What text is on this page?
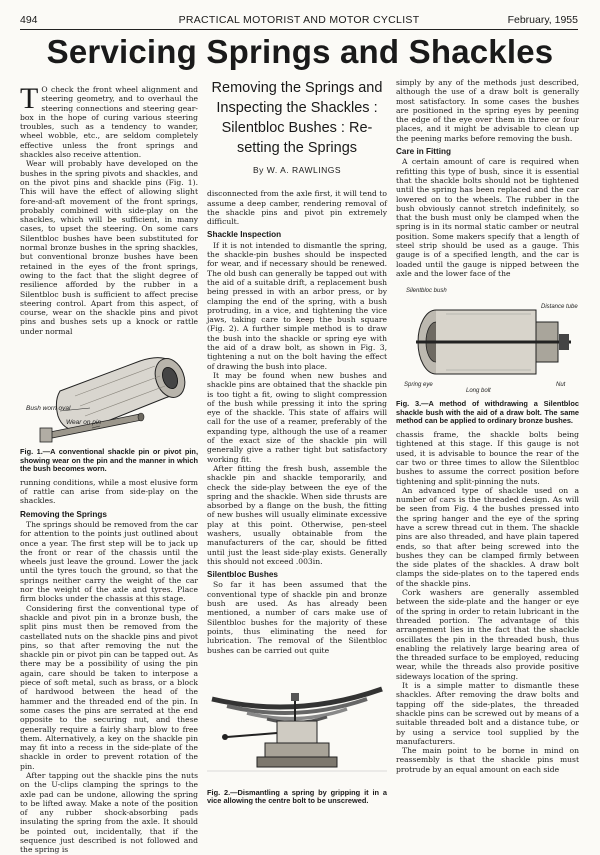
494	PRACTICAL MOTORIST AND MOTOR CYCLIST	February, 1955
Servicing Springs and Shackles

T O check the front wheel alignment and steering geometry, and to overhaul the steering connections and steering gear-box in the hope of curing various steering troubles, such as a tendency to wander, wheel wobble, etc., are seldom completely effective unless the front springs and shackles also receive attention.

Wear will probably have developed on the bushes in the spring pivots and shackles, and on the pivot pins and shackle pins (Fig. 1). This will have the effect of allowing slight fore-and-aft movement of the front springs, probably combined with side-play on the shackles, which will be sufficient, in many cases, to upset the steering. On some cars Silentbloc bushes have been substituted for normal bronze bushes in the spring shackles, but conventional bronze bushes have been retained in the eyes of the front springs, owing to the fact that the slight degree of resilience afforded by the rubber in a Silentbloc bush is sufficient to affect precise steering control. Apart from this aspect, of course, wear on the shackle pins and pivot pins and bushes sets up a knock or rattle under normal

Bush worn oval
Wear on pin
Fig. 1.—A conventional shackle pin or pivot pin, showing wear on the pin and the manner in which the bush becomes worn.

running conditions, while a most elusive form of rattle can arise from side-play on the shackles.

Removing the Springs

The springs should be removed from the car for attention to the points just outlined about once a year. The first step will be to jack up the front or rear of the chassis until the wheels just leave the ground. Lower the jack until the tyres touch the ground, so that the springs neither carry the weight of the car nor the weight of the axle and tyres. Place firm blocks under the chassis at this stage.

Considering first the conventional type of shackle and pivot pin in a bronze bush, the split pins must then be removed from the castellated nuts on the shackle pins and pivot pins, so that after removing the nut the shackle pin or pivot pin can be tapped out. As there may be a possibility of using the pin again, care should be taken to interpose a piece of soft metal, such as brass, or a block of hardwood between the head of the hammer and the threaded end of the pin. In some cases the pins are serrated at the end opposite to the securing nut, and these generally require a fairly sharp blow to free them. Alternatively, a key on the shackle pin may fit into a recess in the side-plate of the shackle in order to prevent rotation of the pin.

After tapping out the shackle pins the nuts on the U-clips clamping the springs to the axle pad can be undone, allowing the spring to be lifted away. Make a note of the position of any rubber shock-absorbing pads insulating the spring from the axle. It should be pointed out, incidentally, that if the sequence just described is not followed and the spring is

Removing the Springs and
Inspecting the Shackles :
Silentbloc Bushes : Re-
setting the Springs
By W. A. RAWLINGS

disconnected from the axle first, it will tend to assume a deep camber, rendering removal of the shackle pins and pivot pin extremely difficult.

Shackle Inspection

If it is not intended to dismantle the spring, the shackle-pin bushes should be inspected for wear, and if necessary should be renewed. The old bush can generally be tapped out with the aid of a suitable drift, a replacement bush being pressed in with an arbor press, or by clamping the end of the spring, with a bush protruding, in a vice, and tightening the vice jaws, taking care to keep the bush square (Fig. 2). A further simple method is to draw the bush into the shackle or spring eye with the aid of a draw bolt, as shown in Fig. 3, tightening a nut on the bolt having the effect of drawing the bush into place.

It may be found when new bushes and shackle pins are obtained that the shackle pin is too tight a fit, owing to slight compression of the bush while pressing it into the spring eye of the shackle. This state of affairs will call for the use of a reamer, preferably of the expanding type, although the use of a reamer of the exact size of the shackle pin will generally give a rather tight but satisfactory working fit.

After fitting the fresh bush, assemble the shackle pin and shackle temporarily, and check the side-play between the eye of the spring and the shackle. When side thrusts are absorbed by a flange on the bush, the fitting of new bushes will usually eliminate excessive play at this point. Otherwise, pen-steel washers, usually obtainable from the manufacturers of the car, should be fitted until just the least side-play exists. Generally this should not exceed .003in.

Silentbloc Bushes

So far it has been assumed that the conventional type of shackle pin and bronze bush are used. As has already been mentioned, a number of cars make use of Silentbloc bushes for the majority of these points, thus eliminating the need for lubrication. The removal of the Silentbloc bushes can be carried out quite

Fig. 2.—Dismantling a spring by gripping it in a vice allowing the centre bolt to be unscrewed.

simply by any of the methods just described, although the use of a draw bolt is generally most satisfactory. In some cases the bushes are positioned in the spring eyes by peening the edge of the eye over them in three or four places, and it might be advisable to clean up the peening marks before removing the bush.

Care in Fitting

A certain amount of care is required when refitting this type of bush, since it is essential that the shackle bolts should not be tightened until the spring has been replaced and the car lowered on to the wheels. The rubber in the bush obviously cannot stretch indefinitely, so that the bush must only be clamped when the spring is in its normal static camber or neutral position. Some makers specify that a length of steel strip should be used as a gauge. This gauge is of a specified length, and the car is loaded until the gauge is nipped between the axle and the lower face of the

Silentbloc bush
Distance tube
Spring eye
Long bolt
Nut
Fig. 3.—A method of withdrawing a Silentbloc shackle bush with the aid of a draw bolt. The same method can be applied to ordinary bronze bushes.

chassis frame, the shackle bolts being tightened at this stage. If this gauge is not used, it is advisable to bounce the rear of the car two or three times to allow the Silentbloc bushes to assume the correct position before tightening and split-pinning the nuts.

An advanced type of shackle used on a number of cars is the threaded design. As will be seen from Fig. 4 the bushes pressed into the spring hanger and the eye of the spring have a screw thread cut in them. The shackle pins are also threaded, and have plain tapered ends, so that after being screwed into the bushes they can be clamped firmly between the side plates of the shackles. A draw bolt clamps the side-plates on to the tapered ends of the shackle pins.

Cork washers are generally assembled between the side-plate and the hanger or eye of the spring in order to retain lubricant in the threaded portion. The advantage of this arrangement lies in the fact that the shackle oscillates the pin in the threaded bush, thus enabling the relatively large bearing area of the threaded surface to be employed, reducing wear, while the threads also provide positive sideways location of the spring.

It is a simple matter to dismantle these shackles. After removing the draw bolts and tapping off the side-plates, the threaded shackle pins can be screwed out by means of a suitable threaded bolt and a distance tube, or by using a service tool supplied by the manufacturers.

The main point to be borne in mind on reassembly is that the shackle pins must protrude by an equal amount on each side
